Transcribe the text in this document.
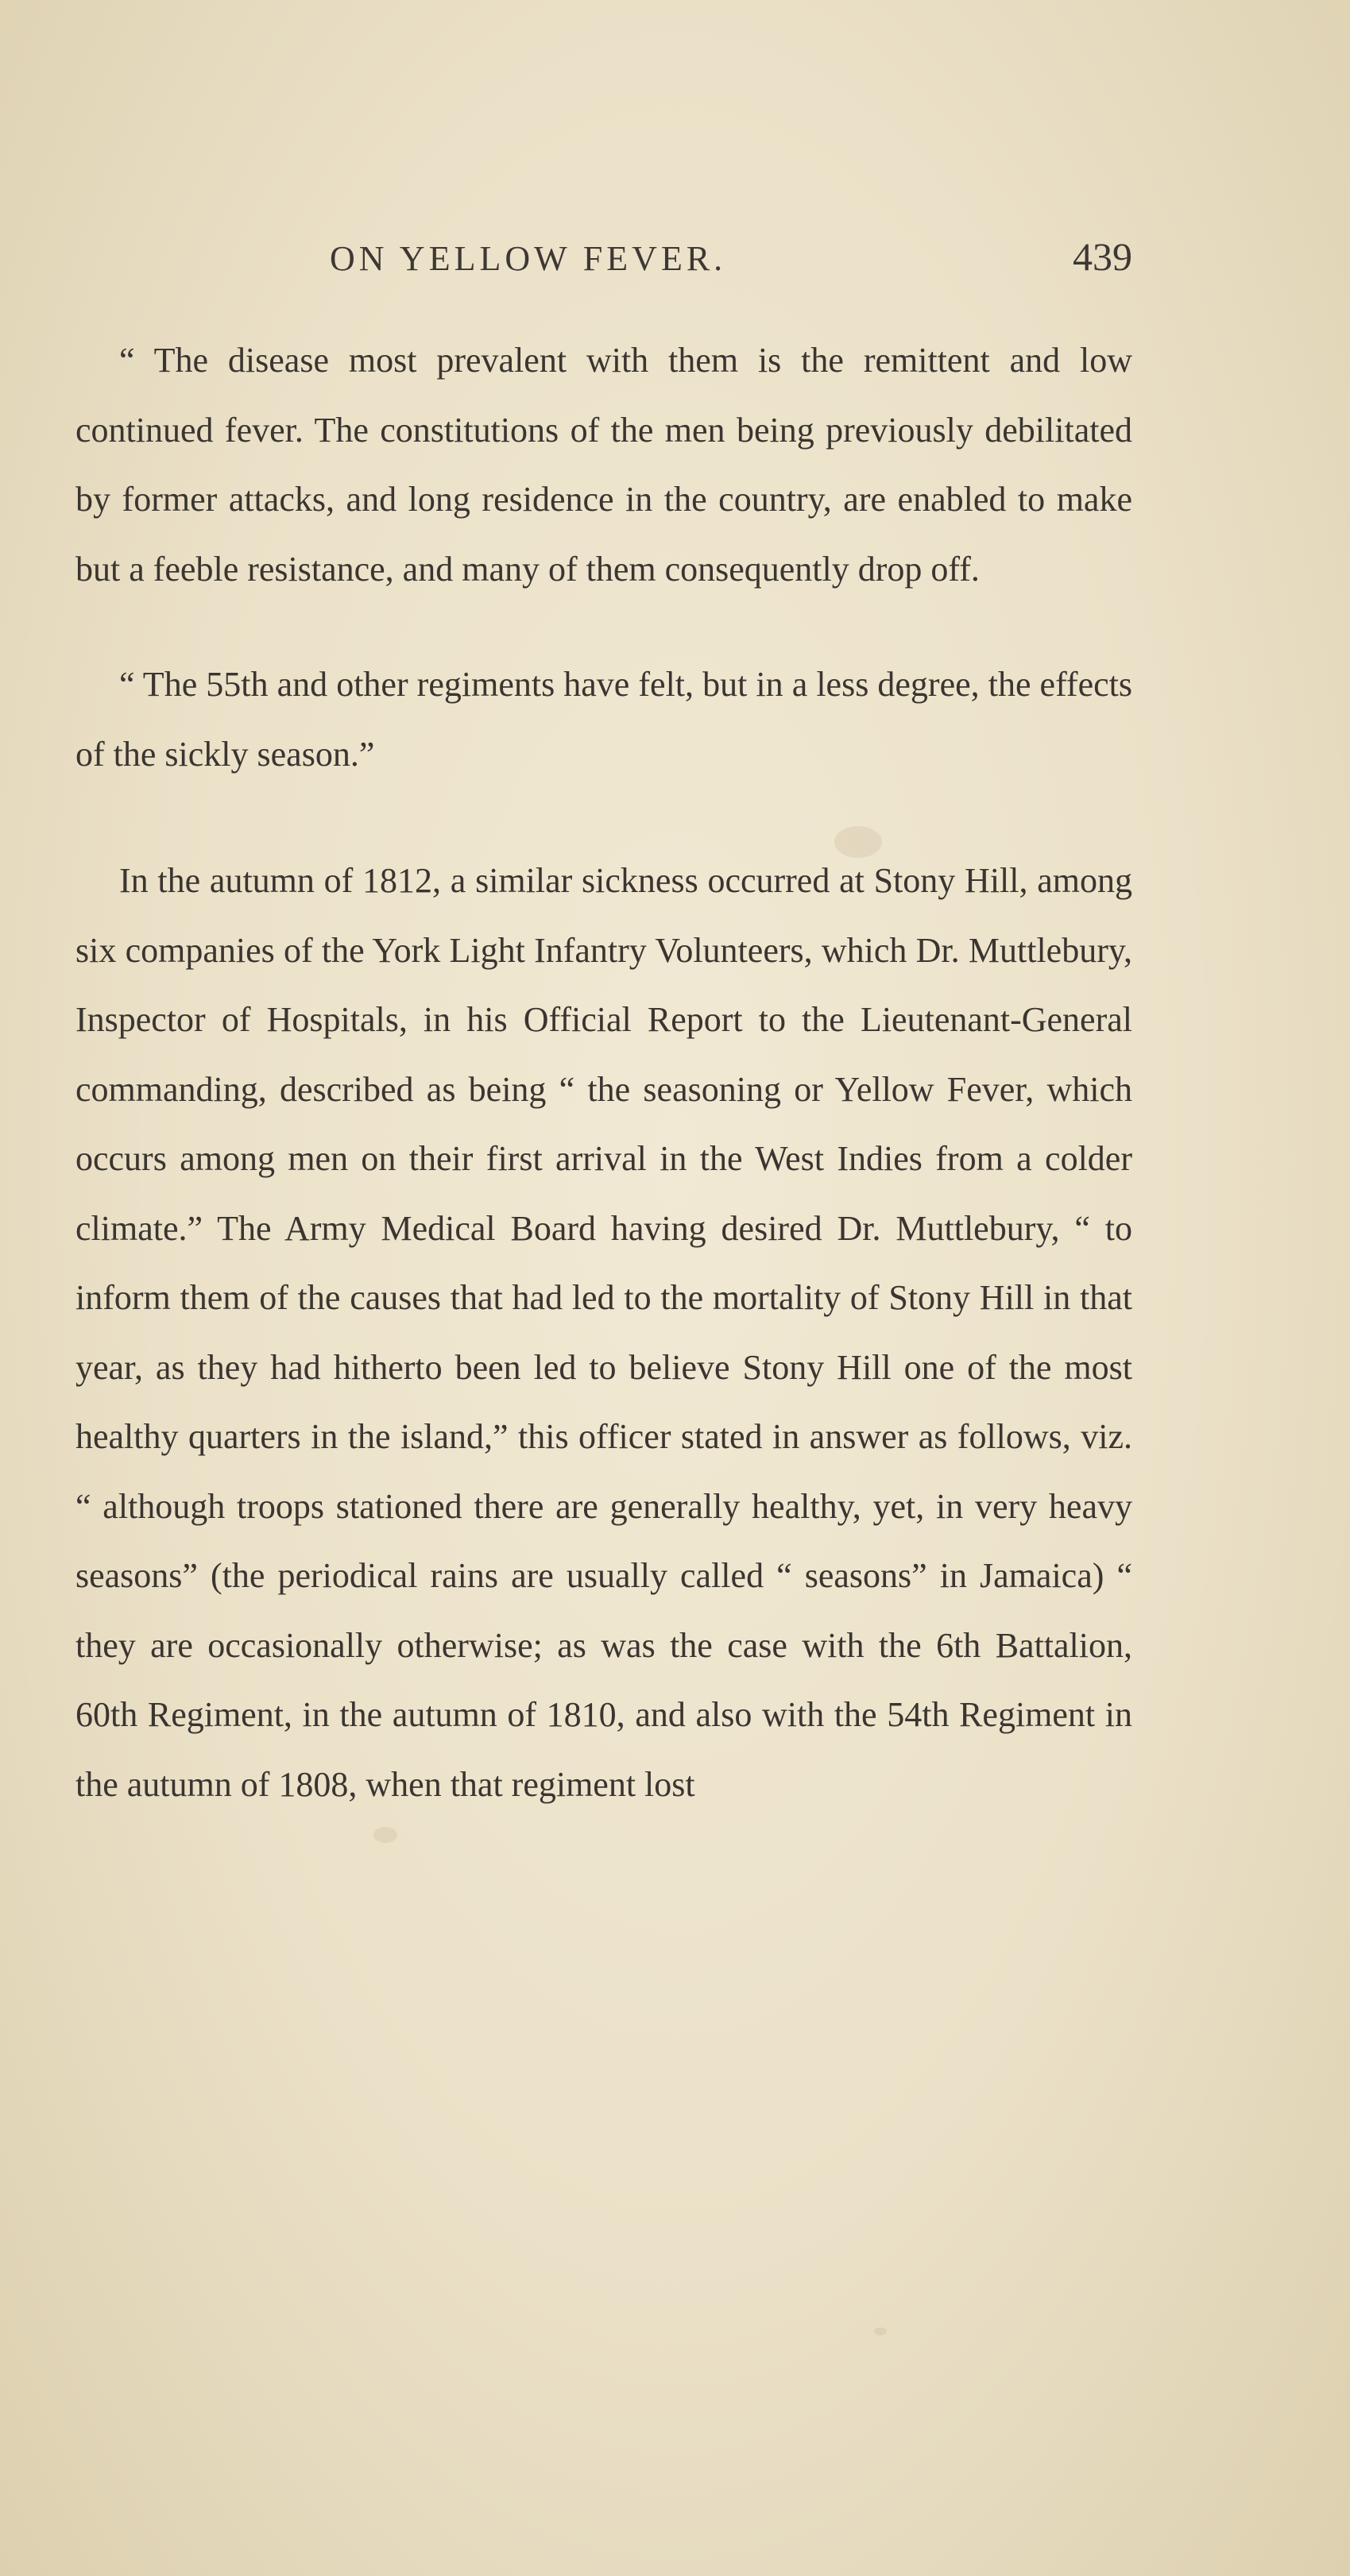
ON YELLOW FEVER.	439

“ The disease most prevalent with them is the remittent and low continued fever. The constitutions of the men being previously debilitated by former attacks, and long residence in the country, are enabled to make but a feeble resistance, and many of them consequently drop off.

“ The 55th and other regiments have felt, but in a less degree, the effects of the sickly season.”

In the autumn of 1812, a similar sickness occurred at Stony Hill, among six companies of the York Light Infantry Volunteers, which Dr. Muttlebury, Inspector of Hospitals, in his Official Report to the Lieutenant-General commanding, described as being “ the seasoning or Yellow Fever, which occurs among men on their first arrival in the West Indies from a colder climate.” The Army Medical Board having desired Dr. Muttlebury, “ to inform them of the causes that had led to the mortality of Stony Hill in that year, as they had hitherto been led to believe Stony Hill one of the most healthy quarters in the island,” this officer stated in answer as follows, viz. “ although troops stationed there are generally healthy, yet, in very heavy seasons” (the periodical rains are usually called “ seasons” in Jamaica) “ they are occasionally otherwise; as was the case with the 6th Battalion, 60th Regiment, in the autumn of 1810, and also with the 54th Regiment in the autumn of 1808, when that regiment lost
